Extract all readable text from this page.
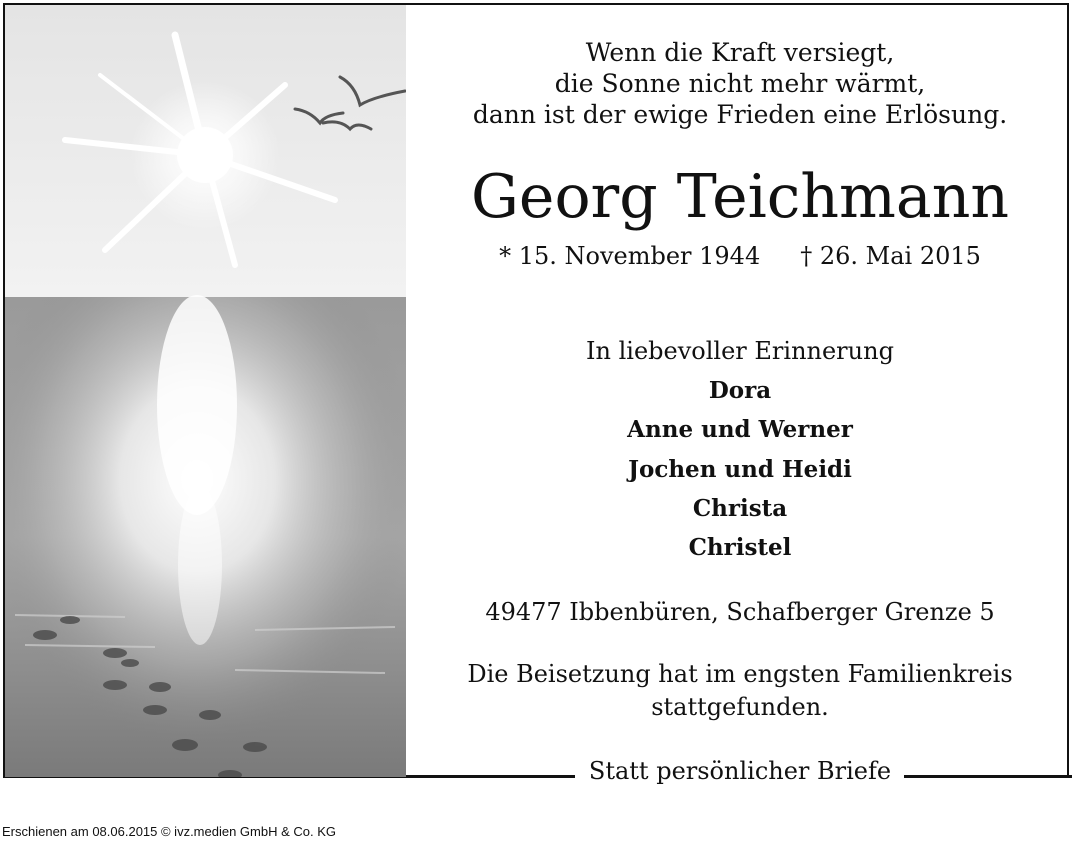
Wenn die Kraft versiegt,
die Sonne nicht mehr wärmt,
dann ist der ewige Frieden eine Erlösung.
Georg Teichmann
* 15. November 1944 † 26. Mai 2015
In liebevoller Erinnerung
Dora
Anne und Werner
Jochen und Heidi
Christa
Christel
49477 Ibbenbüren, Schafberger Grenze 5
Die Beisetzung hat im engsten Familienkreis
stattgefunden.
Statt persönlicher Briefe
Erschienen am 08.06.2015 © ivz.medien GmbH & Co. KG
